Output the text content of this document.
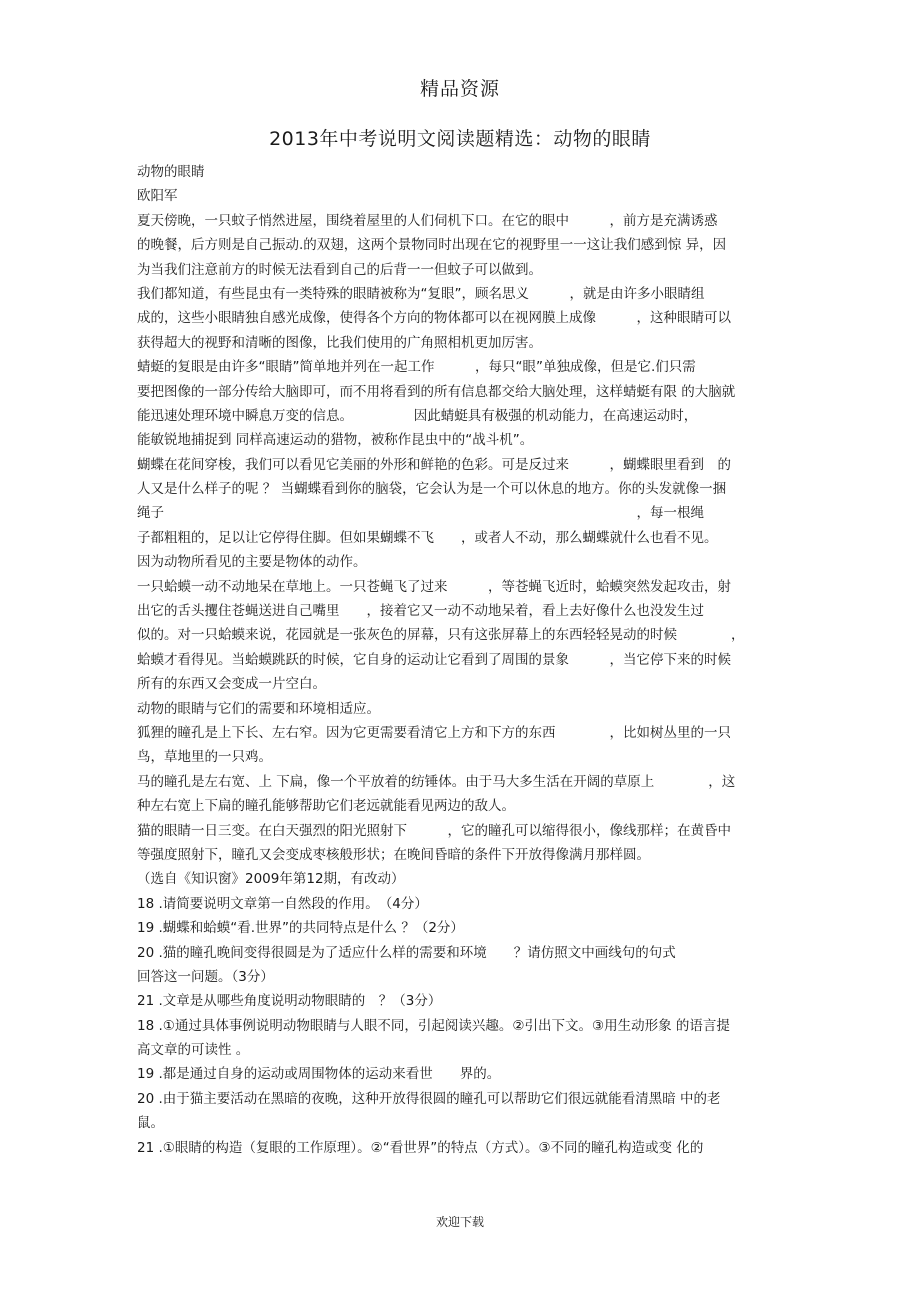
精品资源
2013年中考说明文阅读题精选：动物的眼睛
动物的眼睛
欧阳军
夏天傍晚，一只蚊子悄然进屋，围绕着屋里的人们伺机下口。在它的眼中　　　，前方是充满诱惑
的晚餐，后方则是自己振动.的双翅，这两个景物同时出现在它的视野里一一这让我们感到惊 异，因
为当我们注意前方的时候无法看到自己的后背一一但蚊子可以做到。
我们都知道，有些昆虫有一类特殊的眼睛被称为“复眼”，顾名思义　　　，就是由许多小眼睛组
成的，这些小眼睛独自感光成像，使得各个方向的物体都可以在视网膜上成像　　　，这种眼睛可以
获得超大的视野和清晰的图像，比我们使用的广角照相机更加厉害。
蜻蜓的复眼是由许多“眼睛”简单地并列在一起工作　　　，每只“眼”单独成像，但是它.们只需
要把图像的一部分传给大脑即可，而不用将看到的所有信息都交给大脑处理，这样蜻蜓有限 的大脑就
能迅速处理环境中瞬息万变的信息。　　　　　因此蜻蜓具有极强的机动能力，在高速运动时，
能敏锐地捕捉到 同样高速运动的猎物，被称作昆虫中的“战斗机”。
蝴蝶在花间穿梭，我们可以看见它美丽的外形和鲜艳的色彩。可是反过来　　　，蝴蝶眼里看到　的
人又是什么样子的呢 ？ 当蝴蝶看到你的脑袋，它会认为是一个可以休息的地方。你的头发就像一捆
绳子　　　　　　　　　　　　　　　　　　　　　　　　　　　　　　　　　　　，每一根绳
子都粗粗的，足以让它停得住脚。但如果蝴蝶不飞　　，或者人不动，那么蝴蝶就什么也看不见。
因为动物所看见的主要是物体的动作。
一只蛤蟆一动不动地呆在草地上。一只苍蝇飞了过来　　　，等苍蝇飞近时，蛤蟆突然发起攻击，射
出它的舌头攫住苍蝇送进自己嘴里　　，接着它又一动不动地呆着，看上去好像什么也没发生过
似的。对一只蛤蟆来说，花园就是一张灰色的屏幕，只有这张屏幕上的东西轻轻晃动的时候　　　　，
蛤蟆才看得见。当蛤蟆跳跃的时候，它自身的运动让它看到了周围的景象　　　，当它停下来的时候
所有的东西又会变成一片空白。
动物的眼睛与它们的需要和环境相适应。
狐狸的瞳孔是上下长、左右窄。因为它更需要看清它上方和下方的东西　　　　，比如树丛里的一只
鸟，草地里的一只鸡。
马的瞳孔是左右宽、上 下扁，像一个平放着的纺锤体。由于马大多生活在开阔的草原上　　　　，这
种左右宽上下扁的瞳孔能够帮助它们老远就能看见两边的敌人。
猫的眼睛一日三变。在白天强烈的阳光照射下　　　，它的瞳孔可以缩得很小，像线那样；在黄昏中
等强度照射下，瞳孔又会变成枣核般形状；在晚间昏暗的条件下开放得像满月那样圆。
（选自《知识窗》2009年第12期，有改动）
18 .请简要说明文章第一自然段的作用。　（4分）
19 .蝴蝶和蛤蟆“看.世界”的共同特点是什么 ？（2分）
20 .猫的瞳孔晚间变得很圆是为了适应什么样的需要和环境　　？请仿照文中画线句的句式
回答这一问题。（3分）
21 .文章是从哪些角度说明动物眼睛的　？（3分）
18 .①通过具体事例说明动物眼睛与人眼不同，引起阅读兴趣。②引出下文。③用生动形象 的语言提
高文章的可读性 。
19 .都是通过自身的运动或周围物体的运动来看世　　界的。
20 .由于猫主要活动在黑暗的夜晚，这种开放得很圆的瞳孔可以帮助它们很远就能看清黑暗 中的老
鼠。
21 .①眼睛的构造（复眼的工作原理）。②“看世界”的特点（方式）。③不同的瞳孔构造或变 化的
欢迎下载
